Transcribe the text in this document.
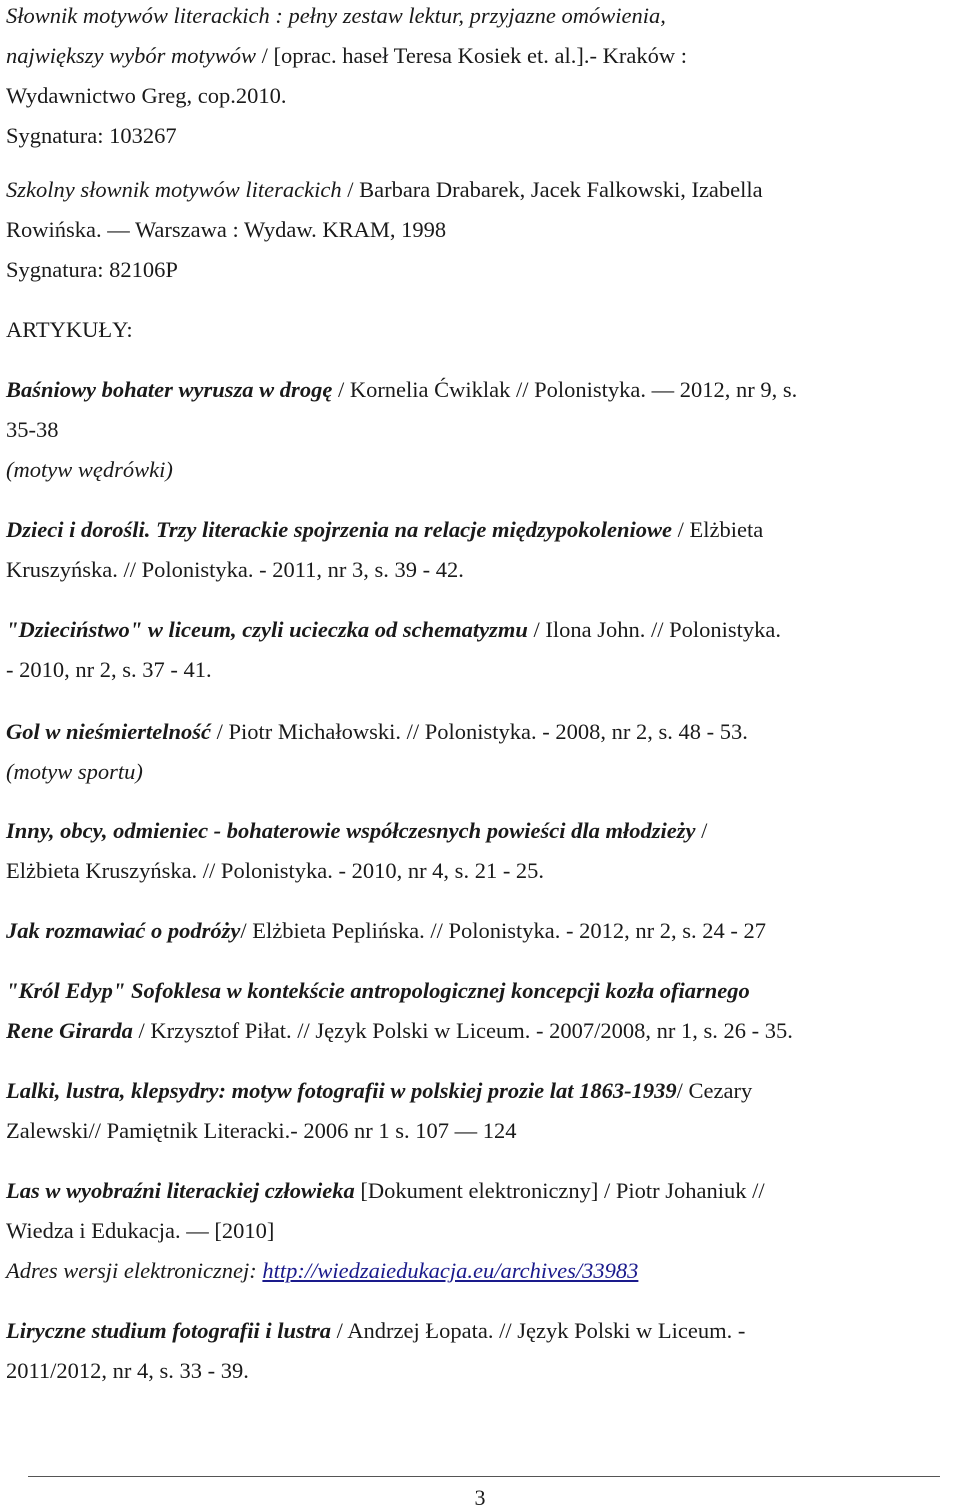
Słownik motywów literackich : pełny zestaw lektur, przyjazne omówienia,
największy wybór motywów / [oprac. haseł Teresa Kosiek et. al.].- Kraków :
Wydawnictwo Greg, cop.2010.
Sygnatura: 103267
Szkolny słownik motywów literackich / Barbara Drabarek, Jacek Falkowski, Izabella
Rowińska. — Warszawa : Wydaw. KRAM, 1998
Sygnatura: 82106P
ARTYKUŁY:
Baśniowy bohater wyrusza w drogę / Kornelia Ćwiklak // Polonistyka. — 2012, nr 9, s.
35-38
(motyw wędrówki)
Dzieci i dorośli. Trzy literackie spojrzenia na relacje międzypokoleniowe / Elżbieta
Kruszyńska. // Polonistyka. - 2011, nr 3, s. 39 - 42.
"Dzieciństwo" w liceum, czyli ucieczka od schematyzmu / Ilona John. // Polonistyka.
- 2010, nr 2, s. 37 - 41.
Gol w nieśmiertelność / Piotr Michałowski. // Polonistyka. - 2008, nr 2, s. 48 - 53.
(motyw sportu)
Inny, obcy, odmieniec - bohaterowie współczesnych powieści dla młodzieży /
Elżbieta Kruszyńska. // Polonistyka. - 2010, nr 4, s. 21 - 25.
Jak rozmawiać o podróży/ Elżbieta Peplińska. // Polonistyka. - 2012, nr 2, s. 24 - 27
"Król Edyp" Sofoklesa w kontekście antropologicznej koncepcji kozła ofiarnego
Rene Girarda / Krzysztof Piłat. // Język Polski w Liceum. - 2007/2008, nr 1, s. 26 - 35.
Lalki, lustra, klepsydry: motyw fotografii w polskiej prozie lat 1863-1939/ Cezary
Zalewski// Pamiętnik Literacki.- 2006 nr 1 s. 107 — 124
Las w wyobraźni literackiej człowieka [Dokument elektroniczny] / Piotr Johaniuk //
Wiedza i Edukacja. — [2010]
Adres wersji elektronicznej: http://wiedzaiedukacja.eu/archives/33983
Liryczne studium fotografii i lustra / Andrzej Łopata. // Język Polski w Liceum. -
2011/2012, nr 4, s. 33 - 39.
3
